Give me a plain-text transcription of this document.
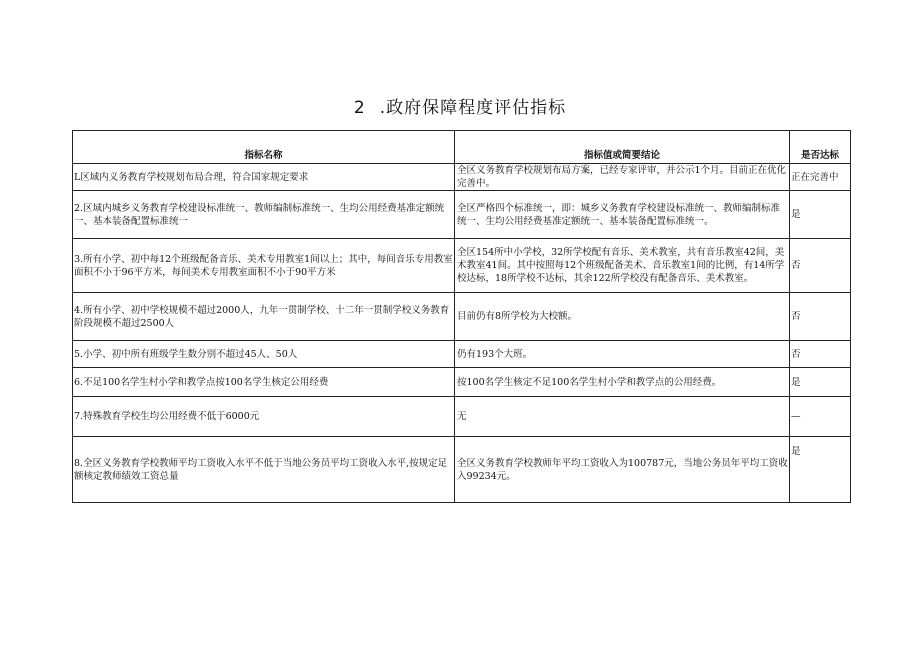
2 .政府保障程度评估指标
指标名称	指标值或简要结论	是否达标
L区域内义务教育学校规划布局合理，符合国家规定要求	全区义务教育学校规划布局方案，已经专家评审，并公示1个月。目前正在优化完善中。	正在完善中
2.区域内城乡义务教育学校建设标准统一、教师编制标准统一、生均公用经费基准定额统一、基本装备配置标准统一	全区严格四个标准统一，即：城乡义务教育学校建设标准统一、教师编制标准统一、生均公用经费基准定额统一、基本装备配置标准统一。	是
3.所有小学、初中每12个班级配备音乐、美术专用教室1间以上；其中，每间音乐专用教室面积不小于96平方米，每间美术专用教室面积不小于90平方米	全区154所中小学校，32所学校配有音乐、美术教室，共有音乐教室42间，美术教室41间。其中按照每12个班级配备美术、音乐教室1间的比例，有14所学校达标，18所学校不达标，其余122所学校没有配备音乐、美术教室。	否
4.所有小学、初中学校规模不超过2000人，九年一贯制学校、十二年一贯制学校义务教育阶段规模不超过2500人	目前仍有8所学校为大校额。	否
5.小学、初中所有班级学生数分别不超过45人、50人	仍有193个大班。	否
6.不足100名学生村小学和教学点按100名学生核定公用经费	按100名学生核定不足100名学生村小学和教学点的公用经费。	是
7.特殊教育学校生均公用经费不低于6000元	无	—
8.全区义务教育学校教师平均工资收入水平不低于当地公务员平均工资收入水平,按规定足额核定教师绩效工资总量	全区义务教育学校教师年平均工资收入为100787元，当地公务员年平均工资收入99234元。	是
